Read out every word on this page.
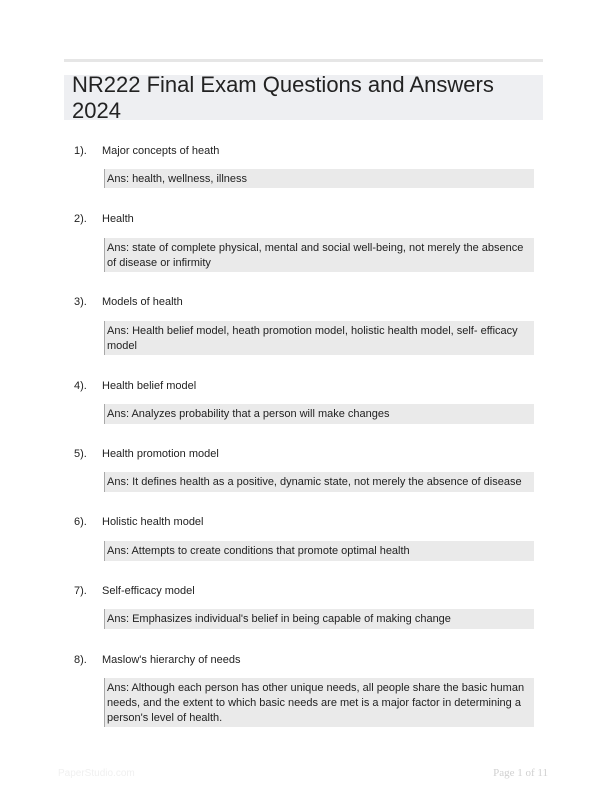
NR222 Final Exam Questions and Answers 2024
1). Major concepts of heath
Ans: health, wellness, illness
2). Health
Ans: state of complete physical, mental and social well-being, not merely the absence of disease or infirmity
3). Models of health
Ans: Health belief model, heath promotion model, holistic health model, self- efficacy model
4). Health belief model
Ans: Analyzes probability that a person will make changes
5). Health promotion model
Ans: It defines health as a positive, dynamic state, not merely the absence of disease
6). Holistic health model
Ans: Attempts to create conditions that promote optimal health
7). Self-efficacy model
Ans: Emphasizes individual's belief in being capable of making change
8). Maslow's hierarchy of needs
Ans: Although each person has other unique needs, all people share the basic human needs, and the extent to which basic needs are met is a major factor in determining a person's level of health.
PaperStudio.com	Page 1 of 11
